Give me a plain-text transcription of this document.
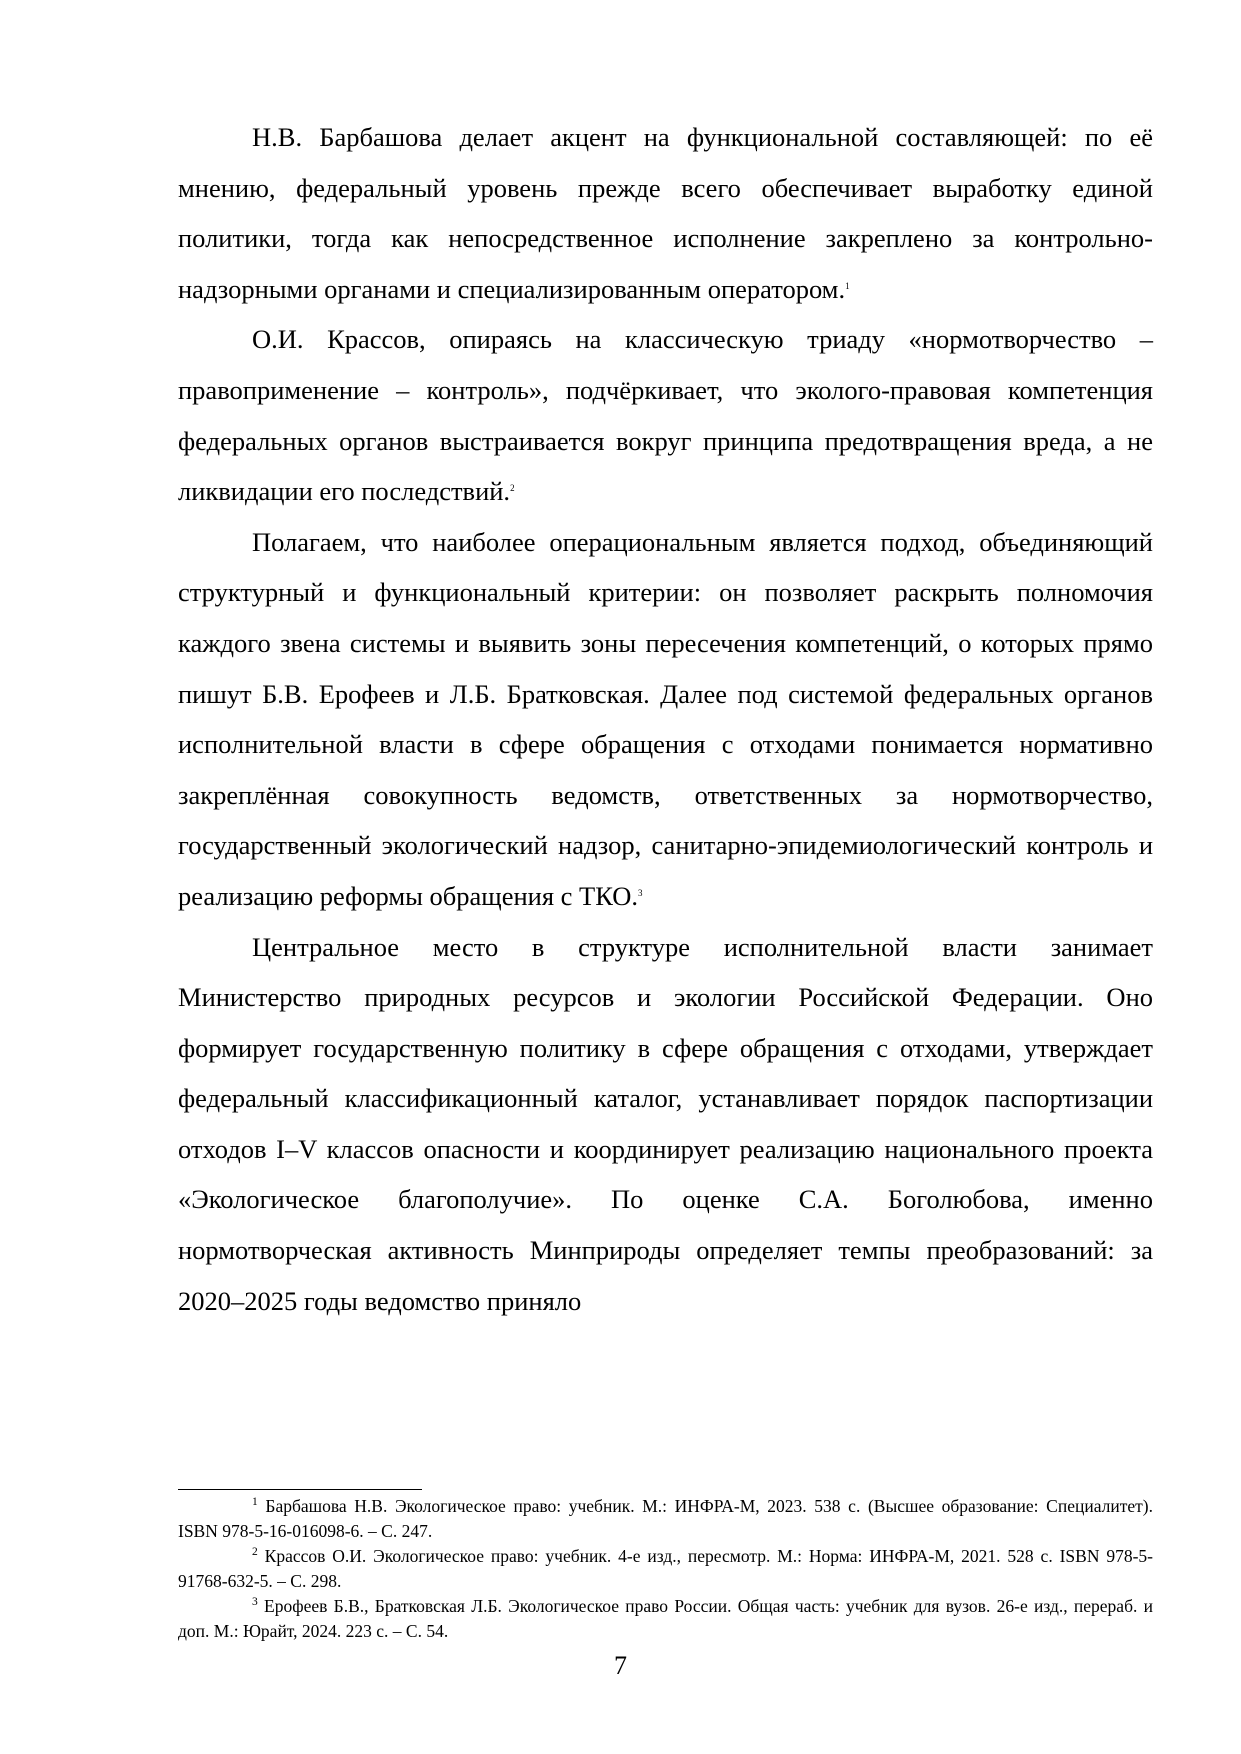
Н.В. Барбашова делает акцент на функциональной составляющей: по её мнению, федеральный уровень прежде всего обеспечивает выработку единой политики, тогда как непосредственное исполнение закреплено за контрольно-надзорными органами и специализированным оператором.$^1$

О.И. Крассов, опираясь на классическую триаду «нормотворчество – правоприменение – контроль», подчёркивает, что эколого-правовая компетенция федеральных органов выстраивается вокруг принципа предотвращения вреда, а не ликвидации его последствий.$^2$

Полагаем, что наиболее операциональным является подход, объединяющий структурный и функциональный критерии: он позволяет раскрыть полномочия каждого звена системы и выявить зоны пересечения компетенций, о которых прямо пишут Б.В. Ерофеев и Л.Б. Братковская. Далее под системой федеральных органов исполнительной власти в сфере обращения с отходами понимается нормативно закреплённая совокупность ведомств, ответственных за нормотворчество, государственный экологический надзор, санитарно-эпидемиологический контроль и реализацию реформы обращения с ТКО.$^3$

Центральное место в структуре исполнительной власти занимает Министерство природных ресурсов и экологии Российской Федерации. Оно формирует государственную политику в сфере обращения с отходами, утверждает федеральный классификационный каталог, устанавливает порядок паспортизации отходов I–V классов опасности и координирует реализацию национального проекта «Экологическое благополучие». По оценке С.А. Боголюбова, именно нормотворческая активность Минприроды определяет темпы преобразований: за 2020–2025 годы ведомство приняло

$^1$ Барбашова Н.В. Экологическое право: учебник. М.: ИНФРА-М, 2023. 538 с. (Высшее образование: Специалитет). ISBN 978-5-16-016098-6. – С. 247.

$^2$ Крассов О.И. Экологическое право: учебник. 4-е изд., пересмотр. М.: Норма: ИНФРА-М, 2021. 528 с. ISBN 978-5-91768-632-5. – С. 298.

$^3$ Ерофеев Б.В., Братковская Л.Б. Экологическое право России. Общая часть: учебник для вузов. 26-е изд., перераб. и доп. М.: Юрайт, 2024. 223 с. – С. 54.

7
